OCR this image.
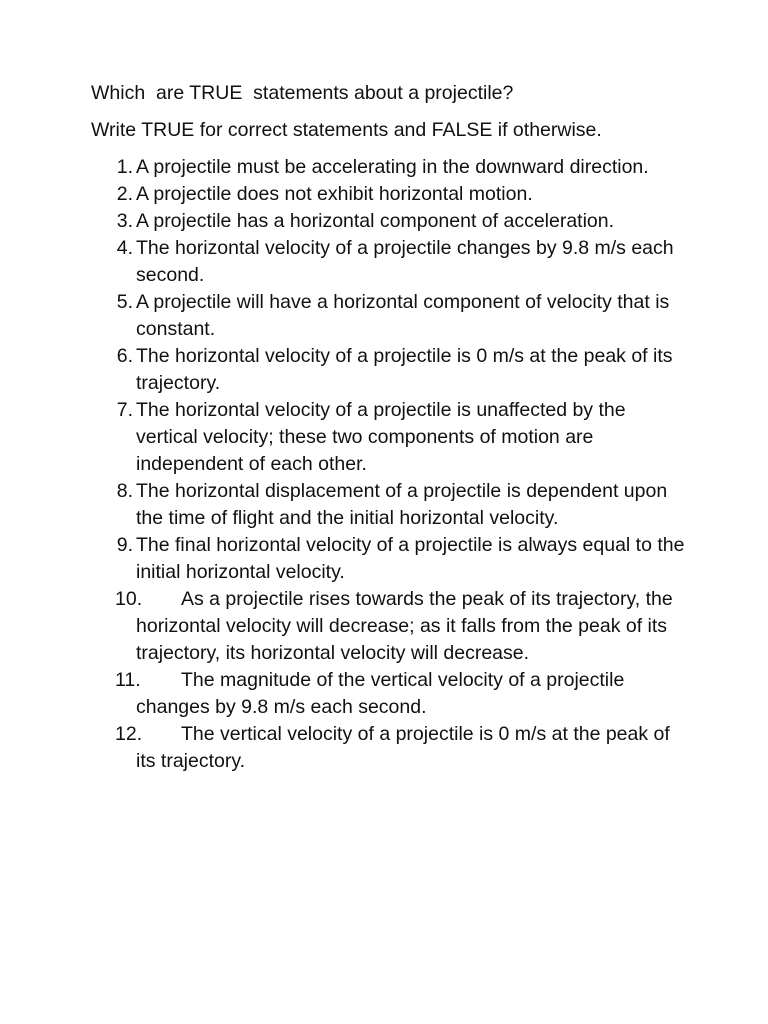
Which  are TRUE  statements about a projectile?
Write TRUE for correct statements and FALSE if otherwise.
1. A projectile must be accelerating in the downward direction.
2. A projectile does not exhibit horizontal motion.
3. A projectile has a horizontal component of acceleration.
4. The horizontal velocity of a projectile changes by 9.8 m/s each second.
5. A projectile will have a horizontal component of velocity that is constant.
6. The horizontal velocity of a projectile is 0 m/s at the peak of its trajectory.
7. The horizontal velocity of a projectile is unaffected by the vertical velocity; these two components of motion are independent of each other.
8. The horizontal displacement of a projectile is dependent upon the time of flight and the initial horizontal velocity.
9. The final horizontal velocity of a projectile is always equal to the initial horizontal velocity.
10.	As a projectile rises towards the peak of its trajectory, the horizontal velocity will decrease; as it falls from the peak of its trajectory, its horizontal velocity will decrease.
11.	The magnitude of the vertical velocity of a projectile changes by 9.8 m/s each second.
12.	The vertical velocity of a projectile is 0 m/s at the peak of its trajectory.
